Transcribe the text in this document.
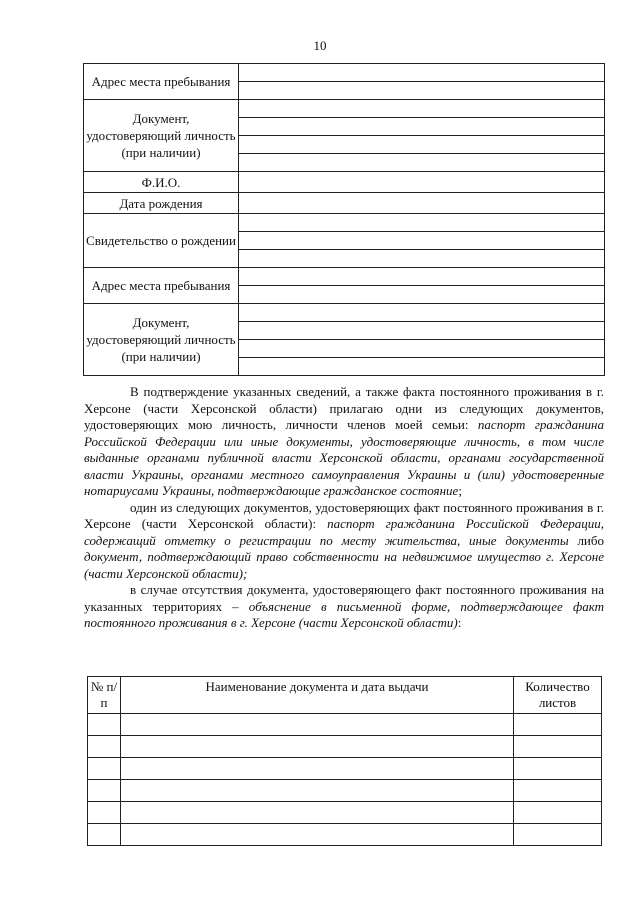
10
Адрес места пребывания	

Документ, удостоверяющий личность (при наличии)	

Ф.И.О.	
Дата рождения	
Свидетельство о рождении	

Адрес места пребывания	

Документ, удостоверяющий личность (при наличии)	

В подтверждение указанных сведений, а также факта постоянного проживания в г. Херсоне (части Херсонской области) прилагаю одни из следующих документов, удостоверяющих мою личность, личности членов моей семьи: паспорт гражданина Российской Федерации или иные документы, удостоверяющие личность, в том числе выданные органами публичной власти Херсонской области, органами государственной власти Украины, органами местного самоуправления Украины и (или) удостоверенные нотариусами Украины, подтверждающие гражданское состояние;

один из следующих документов, удостоверяющих факт постоянного проживания в г. Херсоне (части Херсонской области): паспорт гражданина Российской Федерации, содержащий отметку о регистрации по месту жительства, иные документы либо документ, подтверждающий право собственности на недвижимое имущество г. Херсоне (части Херсонской области);

в случае отсутствия документа, удостоверяющего факт постоянного проживания на указанных территориях – объяснение в письменной форме, подтверждающее факт постоянного проживания в г. Херсоне (части Херсонской области):

№ п/п	Наименование документа и дата выдачи	Количество листов
